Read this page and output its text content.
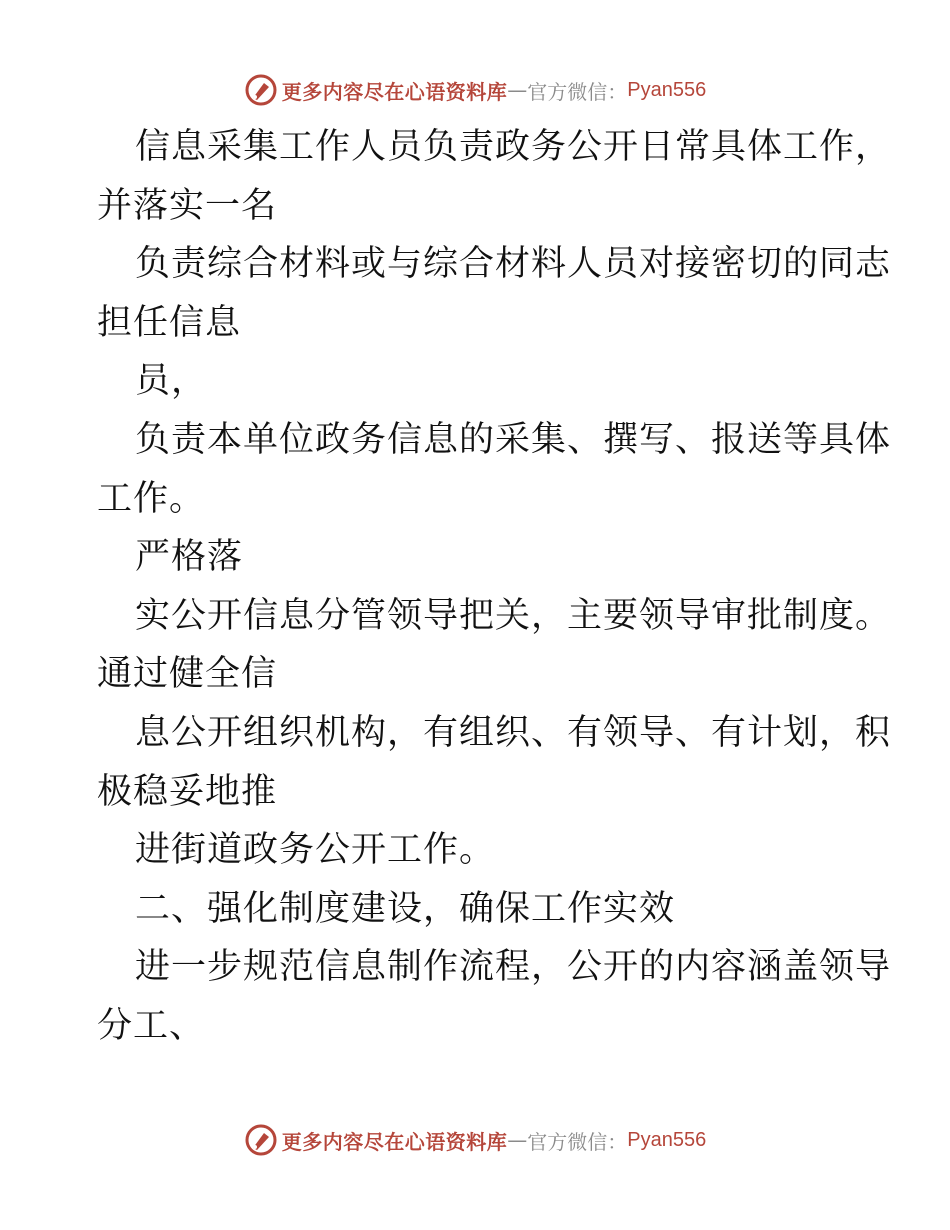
更多内容尽在心语资料库 — 官方微信： Pyan556
信息采集工作人员负责政务公开日常具体工作，
并落实一名
负责综合材料或与综合材料人员对接密切的同志
担任信息
员，
负责本单位政务信息的采集、撰写、报送等具体
工作。
严格落
实公开信息分管领导把关，主要领导审批制度。
通过健全信
息公开组织机构，有组织、有领导、有计划，积
极稳妥地推
进街道政务公开工作。
二、强化制度建设，确保工作实效
进一步规范信息制作流程，公开的内容涵盖领导
分工、
更多内容尽在心语资料库 — 官方微信： Pyan556
